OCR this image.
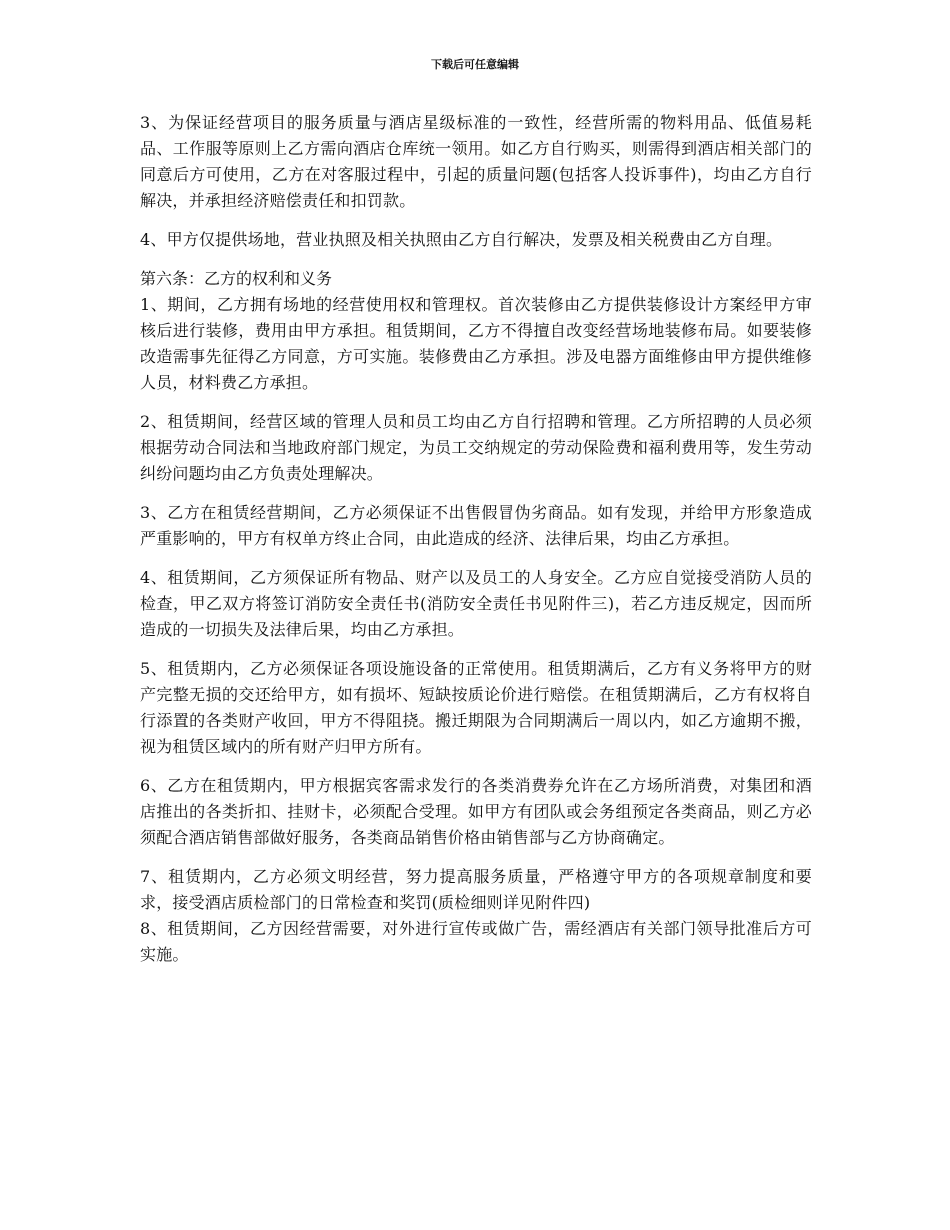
下载后可任意编辑

3、为保证经营项目的服务质量与酒店星级标准的一致性，经营所需的物料用品、低值易耗品、工作服等原则上乙方需向酒店仓库统一领用。如乙方自行购买，则需得到酒店相关部门的同意后方可使用，乙方在对客服过程中，引起的质量问题(包括客人投诉事件)，均由乙方自行解决，并承担经济赔偿责任和扣罚款。

4、甲方仅提供场地，营业执照及相关执照由乙方自行解决，发票及相关税费由乙方自理。

第六条：乙方的权利和义务

1、期间，乙方拥有场地的经营使用权和管理权。首次装修由乙方提供装修设计方案经甲方审核后进行装修，费用由甲方承担。租赁期间，乙方不得擅自改变经营场地装修布局。如要装修改造需事先征得乙方同意，方可实施。装修费由乙方承担。涉及电器方面维修由甲方提供维修人员，材料费乙方承担。

2、租赁期间，经营区域的管理人员和员工均由乙方自行招聘和管理。乙方所招聘的人员必须根据劳动合同法和当地政府部门规定，为员工交纳规定的劳动保险费和福利费用等，发生劳动纠纷问题均由乙方负责处理解决。

3、乙方在租赁经营期间，乙方必须保证不出售假冒伪劣商品。如有发现，并给甲方形象造成严重影响的，甲方有权单方终止合同，由此造成的经济、法律后果，均由乙方承担。

4、租赁期间，乙方须保证所有物品、财产以及员工的人身安全。乙方应自觉接受消防人员的检查，甲乙双方将签订消防安全责任书(消防安全责任书见附件三)，若乙方违反规定，因而所造成的一切损失及法律后果，均由乙方承担。

5、租赁期内，乙方必须保证各项设施设备的正常使用。租赁期满后，乙方有义务将甲方的财产完整无损的交还给甲方，如有损坏、短缺按质论价进行赔偿。在租赁期满后，乙方有权将自行添置的各类财产收回，甲方不得阻挠。搬迁期限为合同期满后一周以内，如乙方逾期不搬，视为租赁区域内的所有财产归甲方所有。

6、乙方在租赁期内，甲方根据宾客需求发行的各类消费券允许在乙方场所消费，对集团和酒店推出的各类折扣、挂财卡，必须配合受理。如甲方有团队或会务组预定各类商品，则乙方必须配合酒店销售部做好服务，各类商品销售价格由销售部与乙方协商确定。

7、租赁期内，乙方必须文明经营，努力提高服务质量，严格遵守甲方的各项规章制度和要求，接受酒店质检部门的日常检查和奖罚(质检细则详见附件四)

8、租赁期间，乙方因经营需要，对外进行宣传或做广告，需经酒店有关部门领导批准后方可实施。
